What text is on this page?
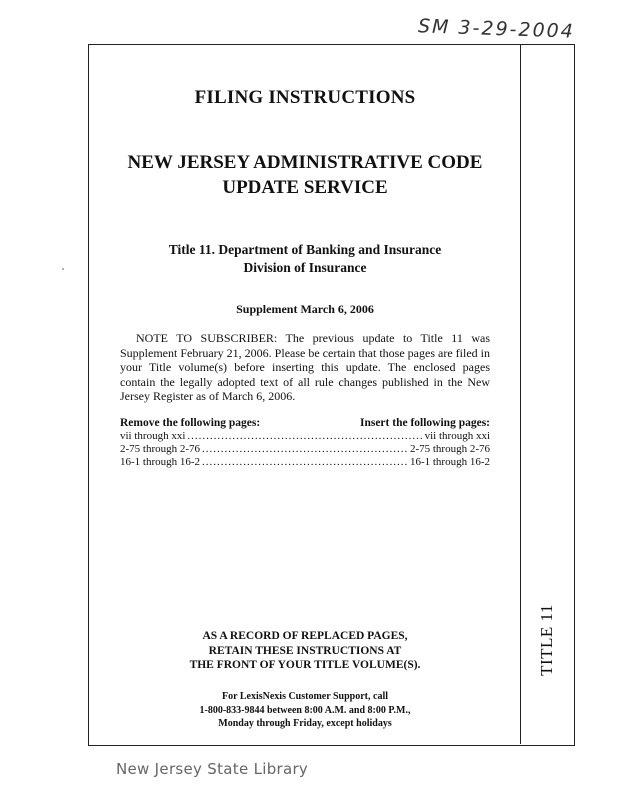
SM 3-29-2004
TITLE 11
FILING INSTRUCTIONS
NEW JERSEY ADMINISTRATIVE CODE
UPDATE SERVICE
Title 11. Department of Banking and Insurance
Division of Insurance
Supplement March 6, 2006
NOTE TO SUBSCRIBER: The previous update to Title 11 was Supplement February 21, 2006. Please be certain that those pages are filed in your Title volume(s) before inserting this update. The enclosed pages contain the legally adopted text of all rule changes published in the New Jersey Register as of March 6, 2006.
Remove the following pages:	Insert the following pages:
vii through xxi .....	vii through xxi
2-75 through 2-76 .....	2-75 through 2-76
16-1 through 16-2 .....	16-1 through 16-2
AS A RECORD OF REPLACED PAGES,
RETAIN THESE INSTRUCTIONS AT
THE FRONT OF YOUR TITLE VOLUME(S).
For LexisNexis Customer Support, call
1-800-833-9844 between 8:00 A.M. and 8:00 P.M.,
Monday through Friday, except holidays
New Jersey State Library
